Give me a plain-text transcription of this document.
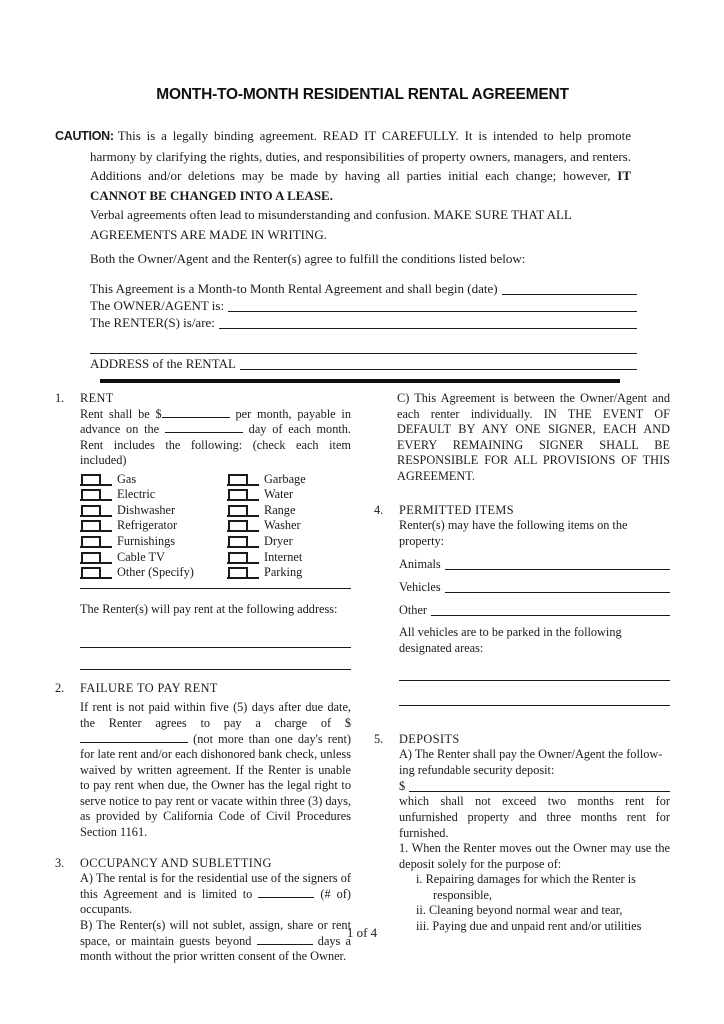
MONTH-TO-MONTH RESIDENTIAL RENTAL AGREEMENT
CAUTION: This is a legally binding agreement. READ IT CAREFULLY. It is intended to help promote harmony by clarifying the rights, duties, and responsibilities of property owners, managers, and renters. Additions and/or deletions may be made by having all parties initial each change; however, IT CANNOT BE CHANGED INTO A LEASE.
Verbal agreements often lead to misunderstanding and confusion. MAKE SURE THAT ALL AGREEMENTS ARE MADE IN WRITING.
Both the Owner/Agent and the Renter(s) agree to fulfill the conditions listed below:
This Agreement is a Month-to Month Rental Agreement and shall begin (date)
The OWNER/AGENT is:
The RENTER(S) is/are:
ADDRESS of the RENTAL
1.	RENT
Rent shall be $	per month, payable in advance on the	day of each month. Rent includes the following: (check each item included)
Gas	Garbage
Electric	Water
Dishwasher	Range
Refrigerator	Washer
Furnishings	Dryer
Cable TV	Internet
Other (Specify)	Parking
The Renter(s) will pay rent at the following address:
2.	FAILURE TO PAY RENT
If rent is not paid within five (5) days after due date, the Renter agrees to pay a charge of $  (not more than one day's rent) for late rent and/or each dishonored bank check, unless waived by written agreement. If the Renter is unable to pay rent when due, the Owner has the legal right to serve notice to pay rent or vacate within three (3) days, as provided by California Code of Civil Procedures Section 1161.
3.	OCCUPANCY AND SUBLETTING
A) The rental is for the residential use of the signers of this Agreement and is limited to	(# of) occupants.
B) The Renter(s) will not sublet, assign, share or rent space, or maintain guests beyond	days a month without the prior written consent of the Owner.
C) This Agreement is between the Owner/Agent and each renter individually. IN THE EVENT OF DEFAULT BY ANY ONE SIGNER, EACH AND EVERY REMAINING SIGNER SHALL BE RESPONSIBLE FOR ALL PROVISIONS OF THIS AGREEMENT.
4.	PERMITTED ITEMS
Renter(s) may have the following items on the property:
Animals
Vehicles
Other
All vehicles are to be parked in the following designated areas:
5.	DEPOSITS
A) The Renter shall pay the Owner/Agent the follow-
ing refundable security deposit:
$
which shall not exceed two months rent for unfurnished property and three months rent for furnished.
1. When the Renter moves out the Owner may use the deposit solely for the purpose of:
i. Repairing damages for which the Renter is responsible,
ii. Cleaning beyond normal wear and tear,
iii. Paying due and unpaid rent and/or utilities
1 of 4
